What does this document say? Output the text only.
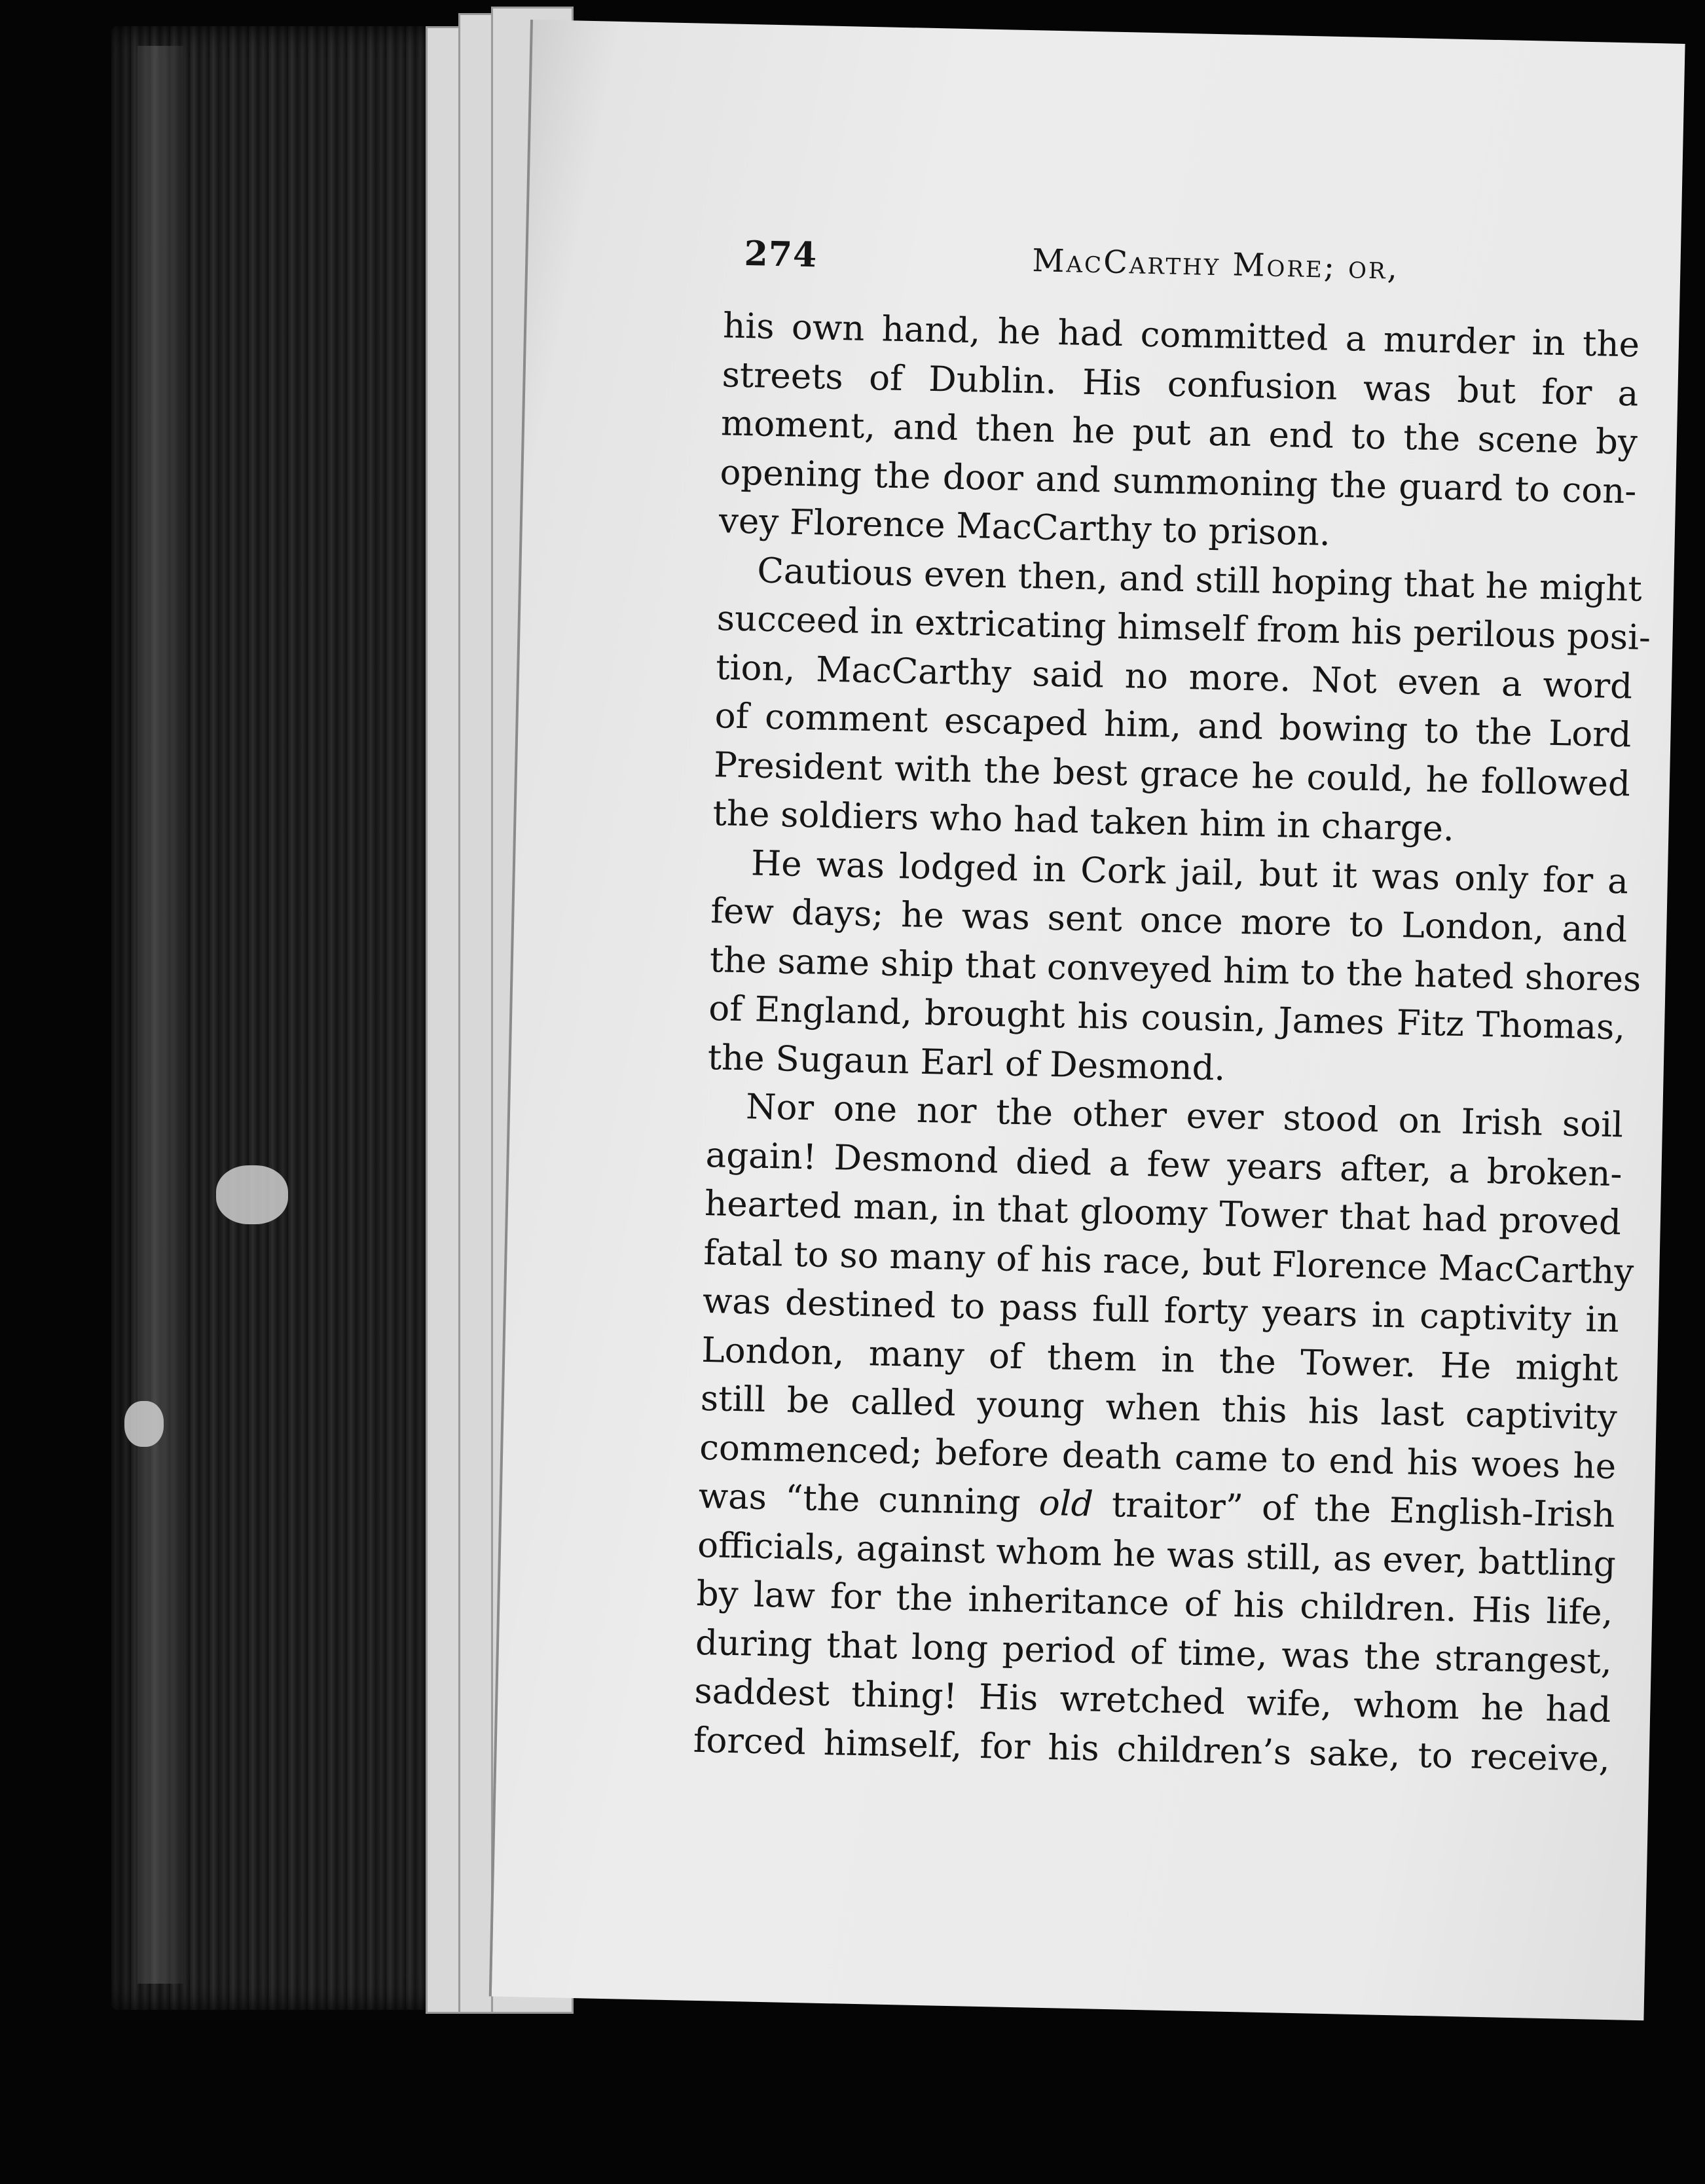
274	MacCarthy More; or,
his own hand, he had committed a murder in the
streets of Dublin. His confusion was but for a
moment, and then he put an end to the scene by
opening the door and summoning the guard to con-
vey Florence MacCarthy to prison.
Cautious even then, and still hoping that he might
succeed in extricating himself from his perilous posi-
tion, MacCarthy said no more. Not even a word
of comment escaped him, and bowing to the Lord
President with the best grace he could, he followed
the soldiers who had taken him in charge.
He was lodged in Cork jail, but it was only for a
few days; he was sent once more to London, and
the same ship that conveyed him to the hated shores
of England, brought his cousin, James Fitz Thomas,
the Sugaun Earl of Desmond.
Nor one nor the other ever stood on Irish soil
again! Desmond died a few years after, a broken-
hearted man, in that gloomy Tower that had proved
fatal to so many of his race, but Florence MacCarthy
was destined to pass full forty years in captivity in
London, many of them in the Tower. He might
still be called young when this his last captivity
commenced; before death came to end his woes he
was “the cunning old traitor” of the English-Irish
officials, against whom he was still, as ever, battling
by law for the inheritance of his children. His life,
during that long period of time, was the strangest,
saddest thing! His wretched wife, whom he had
forced himself, for his children’s sake, to receive,
